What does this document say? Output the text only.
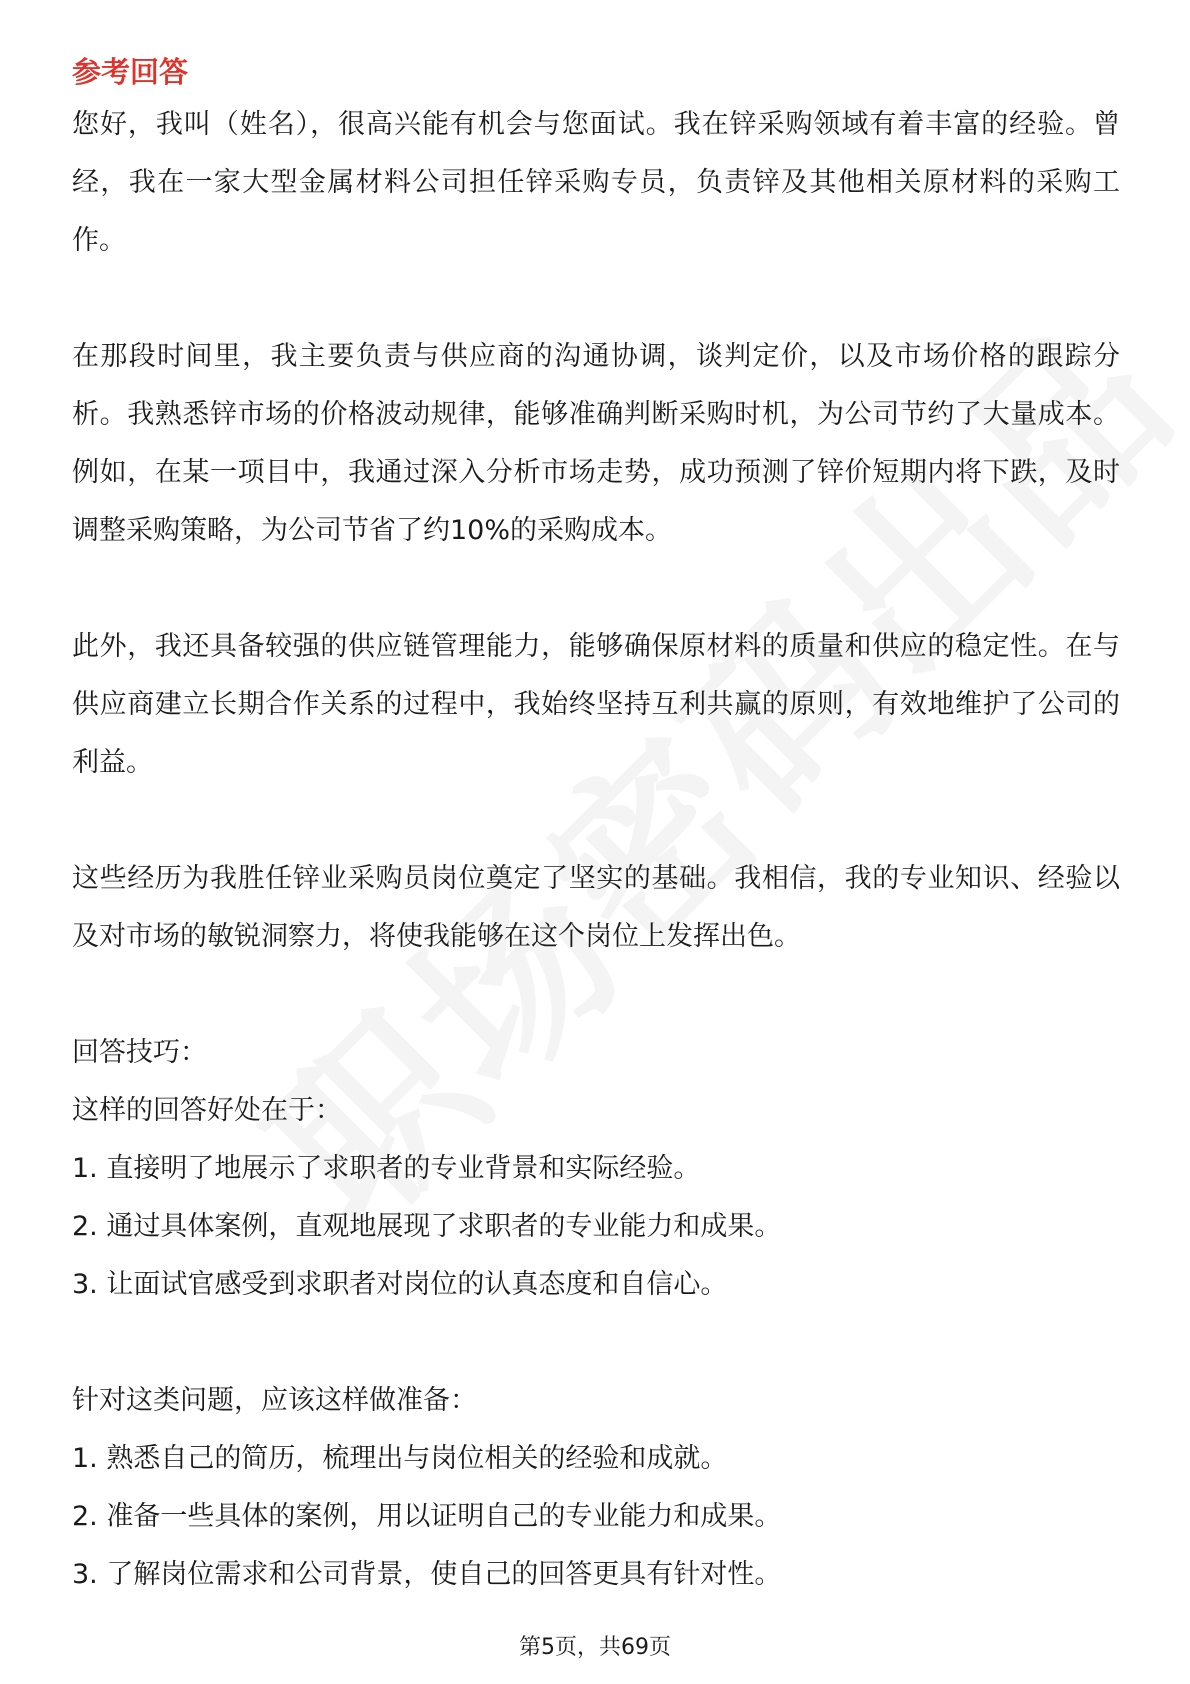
参考回答

您好，我叫（姓名），很高兴能有机会与您面试。我在锌采购领域有着丰富的经验。曾经，我在一家大型金属材料公司担任锌采购专员，负责锌及其他相关原材料的采购工作。

在那段时间里，我主要负责与供应商的沟通协调，谈判定价，以及市场价格的跟踪分析。我熟悉锌市场的价格波动规律，能够准确判断采购时机，为公司节约了大量成本。例如，在某一项目中，我通过深入分析市场走势，成功预测了锌价短期内将下跌，及时调整采购策略，为公司节省了约10%的采购成本。

此外，我还具备较强的供应链管理能力，能够确保原材料的质量和供应的稳定性。在与供应商建立长期合作关系的过程中，我始终坚持互利共赢的原则，有效地维护了公司的利益。

这些经历为我胜任锌业采购员岗位奠定了坚实的基础。我相信，我的专业知识、经验以及对市场的敏锐洞察力，将使我能够在这个岗位上发挥出色。

回答技巧：

这样的回答好处在于：

1. 直接明了地展示了求职者的专业背景和实际经验。

2. 通过具体案例，直观地展现了求职者的专业能力和成果。

3. 让面试官感受到求职者对岗位的认真态度和自信心。

针对这类问题，应该这样做准备：

1. 熟悉自己的简历，梳理出与岗位相关的经验和成就。

2. 准备一些具体的案例，用以证明自己的专业能力和成果。

3. 了解岗位需求和公司背景，使自己的回答更具有针对性。

第5页，共69页
